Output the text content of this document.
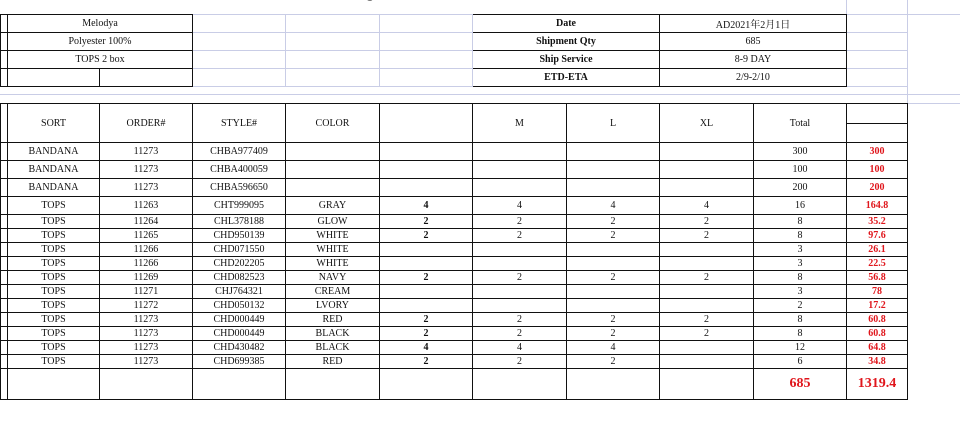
	Melodya					Date	AD2021年2月1日	
	Polyester 100%					Shipment Qty	685	
	TOPS 2 box					Ship Service	8-9 DAY	
						ETD-ETA	2/9-2/10	
	SORT	ORDER#	STYLE#	COLOR		M	L	XL	Total	

	BANDANA	11273	CHBA977409						300	300
	BANDANA	11273	CHBA400059						100	100
	BANDANA	11273	CHBA596650						200	200
	TOPS	11263	CHT999095	GRAY	4	4	4	4	16	164.8
	TOPS	11264	CHL378188	GLOW	2	2	2	2	8	35.2
	TOPS	11265	CHD950139	WHITE	2	2	2	2	8	97.6
	TOPS	11266	CHD071550	WHITE					3	26.1
	TOPS	11266	CHD202205	WHITE					3	22.5
	TOPS	11269	CHD082523	NAVY	2	2	2	2	8	56.8
	TOPS	11271	CHJ764321	CREAM					3	78
	TOPS	11272	CHD050132	LVORY					2	17.2
	TOPS	11273	CHD000449	RED	2	2	2	2	8	60.8
	TOPS	11273	CHD000449	BLACK	2	2	2	2	8	60.8
	TOPS	11273	CHD430482	BLACK	4	4	4		12	64.8
	TOPS	11273	CHD699385	RED	2	2	2		6	34.8
									685	1319.4
